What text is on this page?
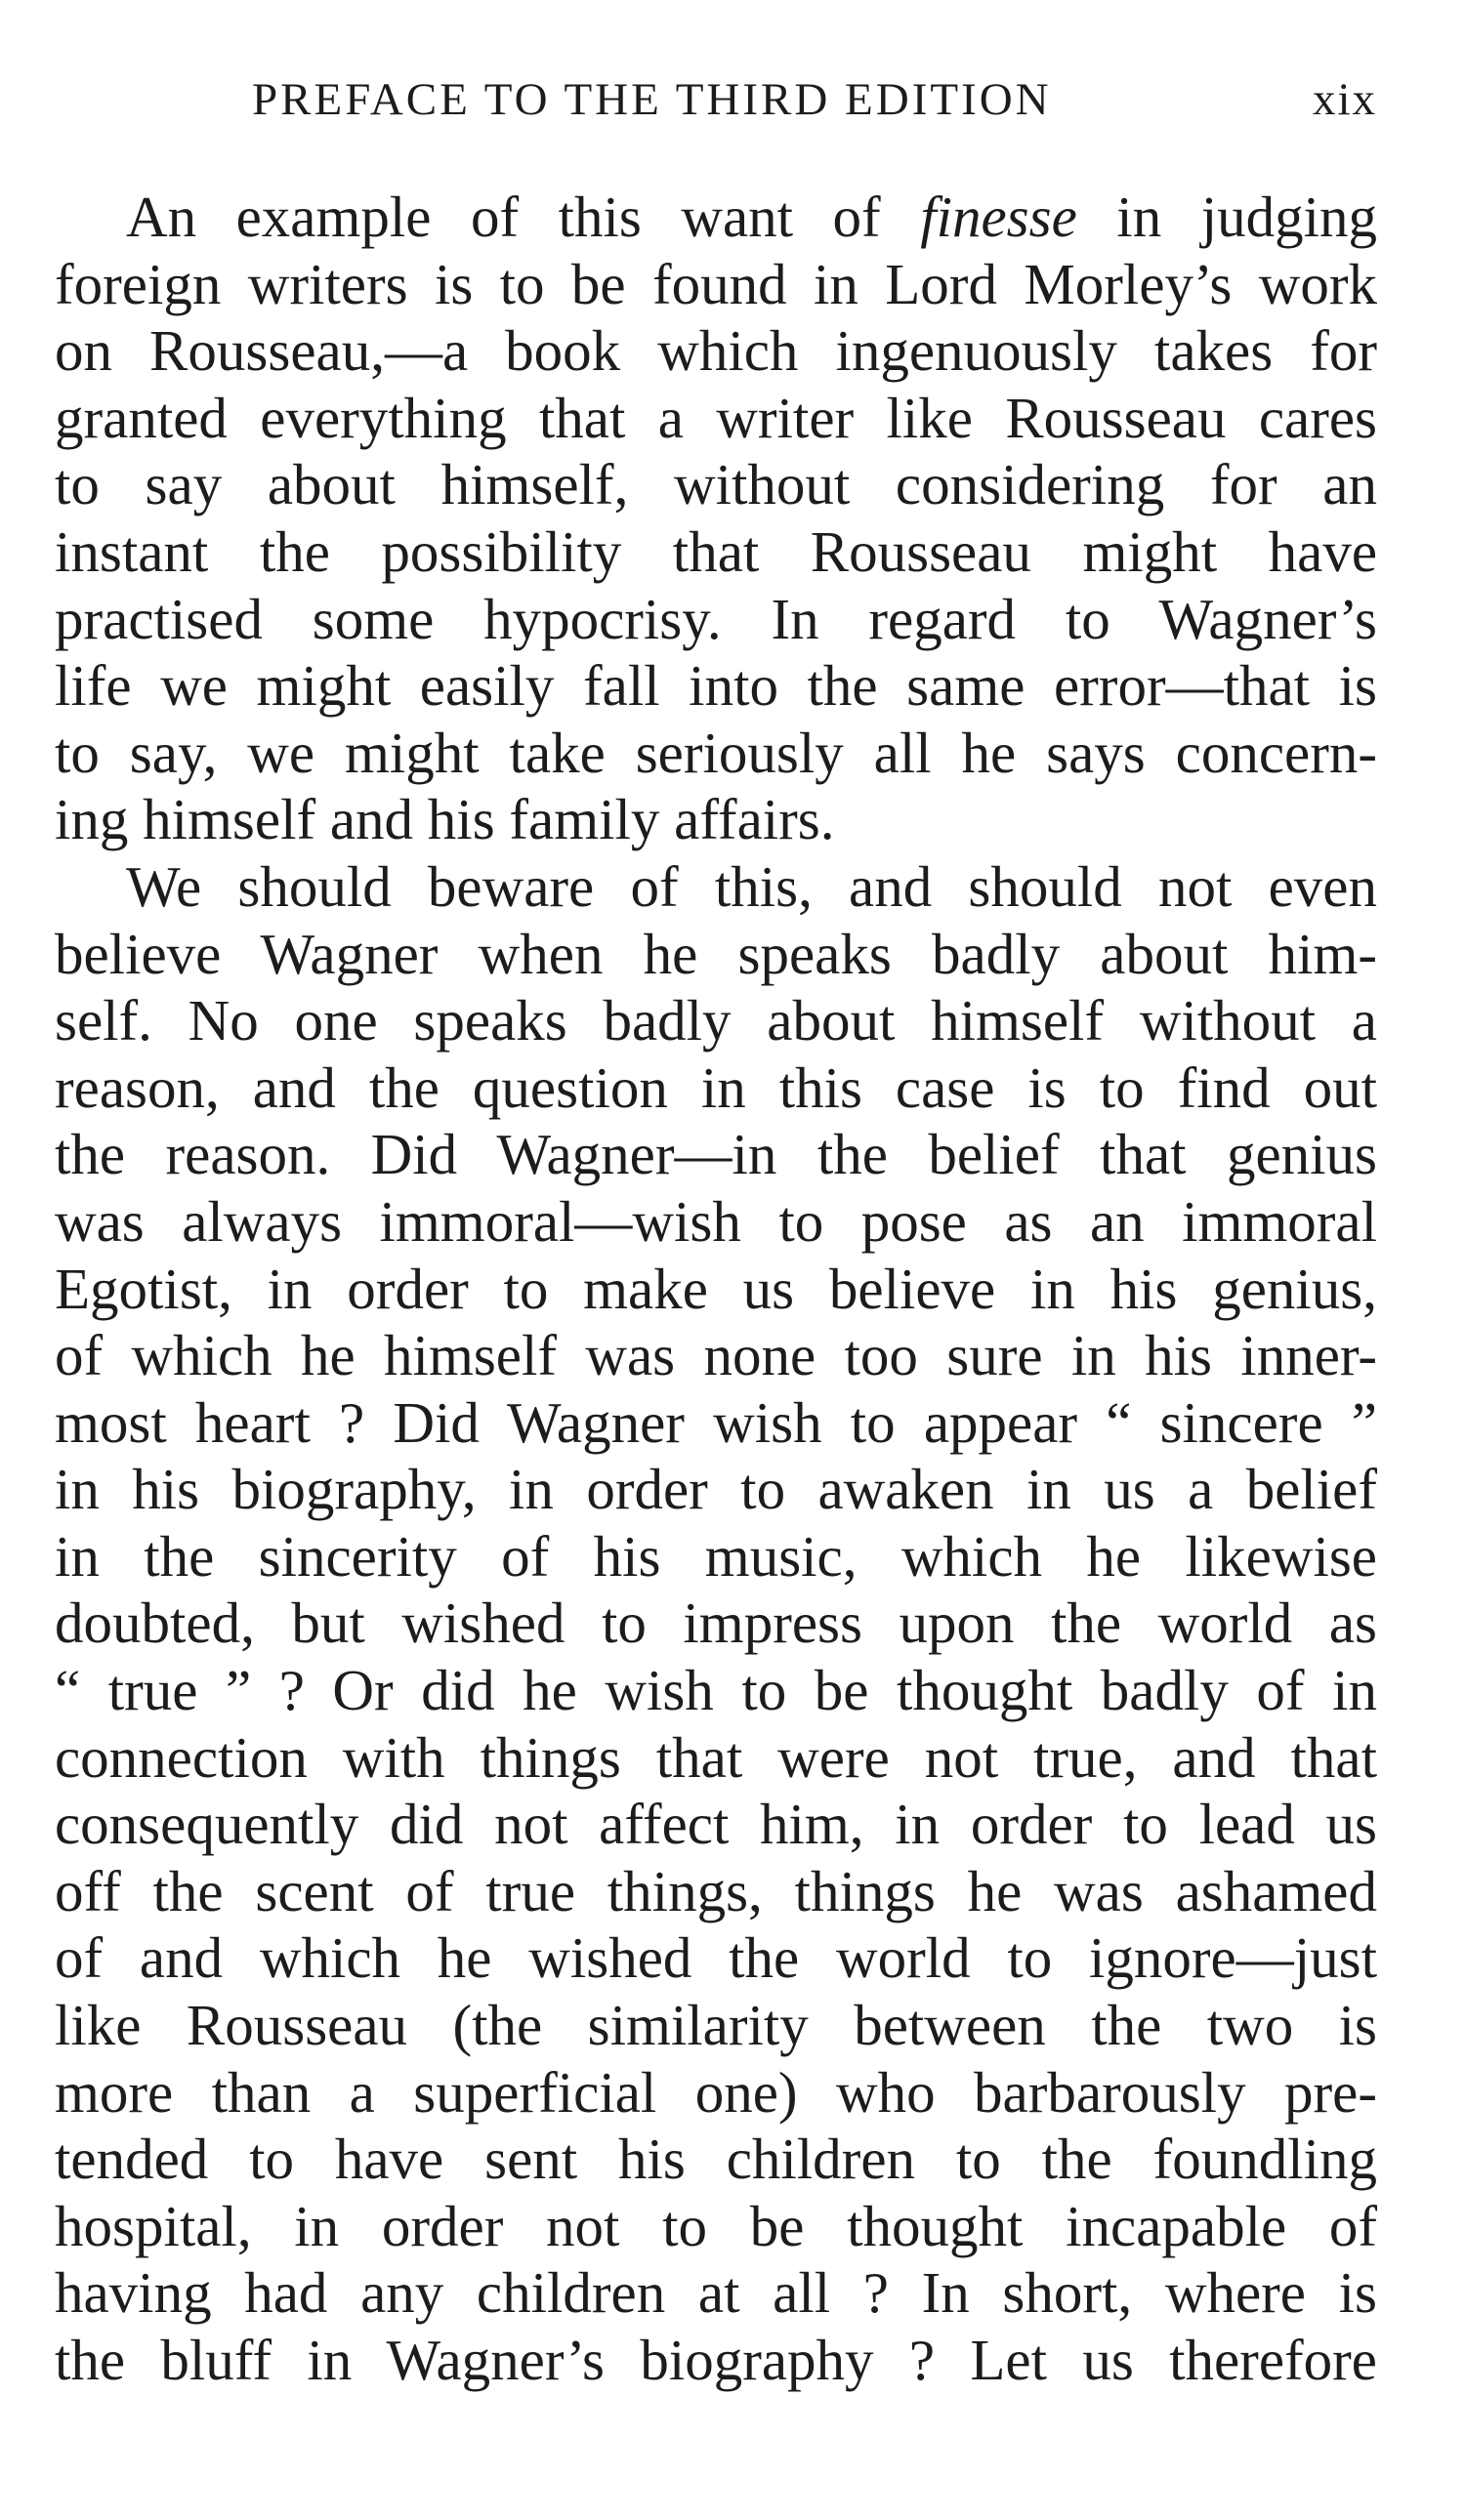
PREFACE TO THE THIRD EDITION	xix
An example of this want of finesse in judging
foreign writers is to be found in Lord Morley’s work
on Rousseau,—a book which ingenuously takes for
granted everything that a writer like Rousseau cares
to say about himself, without considering for an
instant the possibility that Rousseau might have
practised some hypocrisy. In regard to Wagner’s
life we might easily fall into the same error—that is
to say, we might take seriously all he says concern-
ing himself and his family affairs.
We should beware of this, and should not even
believe Wagner when he speaks badly about him-
self. No one speaks badly about himself without a
reason, and the question in this case is to find out
the reason. Did Wagner—in the belief that genius
was always immoral—wish to pose as an immoral
Egotist, in order to make us believe in his genius,
of which he himself was none too sure in his inner-
most heart ? Did Wagner wish to appear “ sincere ”
in his biography, in order to awaken in us a belief
in the sincerity of his music, which he likewise
doubted, but wished to impress upon the world as
“ true ” ? Or did he wish to be thought badly of in
connection with things that were not true, and that
consequently did not affect him, in order to lead us
off the scent of true things, things he was ashamed
of and which he wished the world to ignore—just
like Rousseau (the similarity between the two is
more than a superficial one) who barbarously pre-
tended to have sent his children to the foundling
hospital, in order not to be thought incapable of
having had any children at all ? In short, where is
the bluff in Wagner’s biography ? Let us therefore
